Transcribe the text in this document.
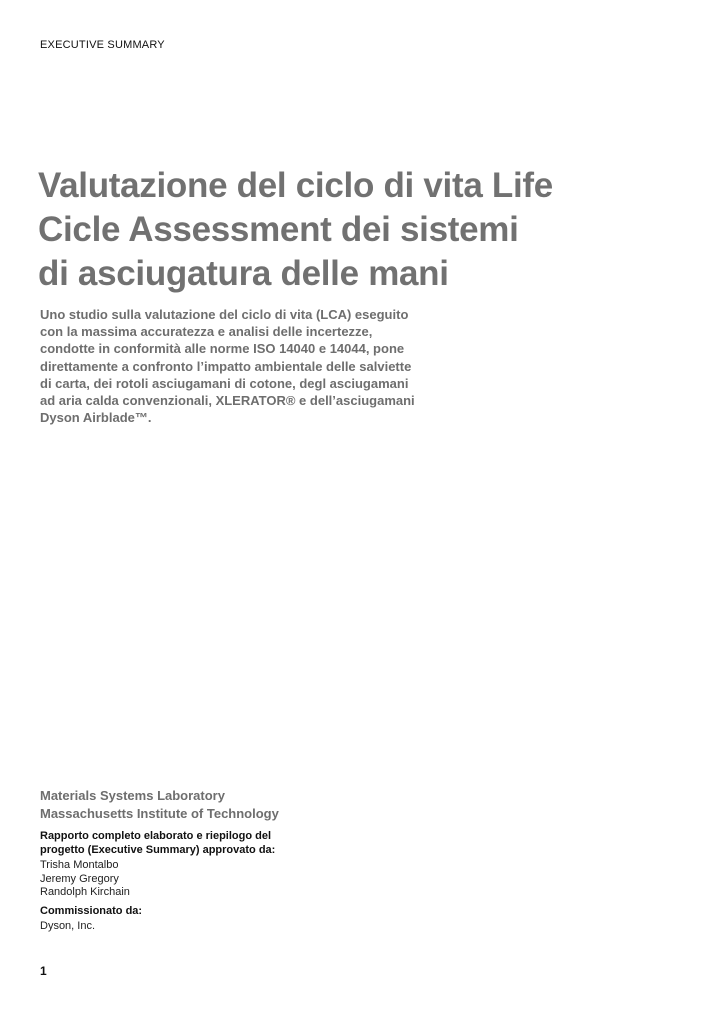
EXECUTIVE SUMMARY
Valutazione del ciclo di vita Life
Cicle Assessment dei sistemi
di asciugatura delle mani

Uno studio sulla valutazione del ciclo di vita (LCA) eseguito
con la massima accuratezza e analisi delle incertezze,
condotte in conformità alle norme ISO 14040 e 14044, pone
direttamente a confronto l’impatto ambientale delle salviette
di carta, dei rotoli asciugamani di cotone, degl asciugamani
ad aria calda convenzionali, XLERATOR® e dell’asciugamani
Dyson Airblade™.

Materials Systems Laboratory
Massachusetts Institute of Technology
Rapporto completo elaborato e riepilogo del
progetto (Executive Summary) approvato da:
Trisha Montalbo
Jeremy Gregory
Randolph Kirchain
Commissionato da:
Dyson, Inc.
1
